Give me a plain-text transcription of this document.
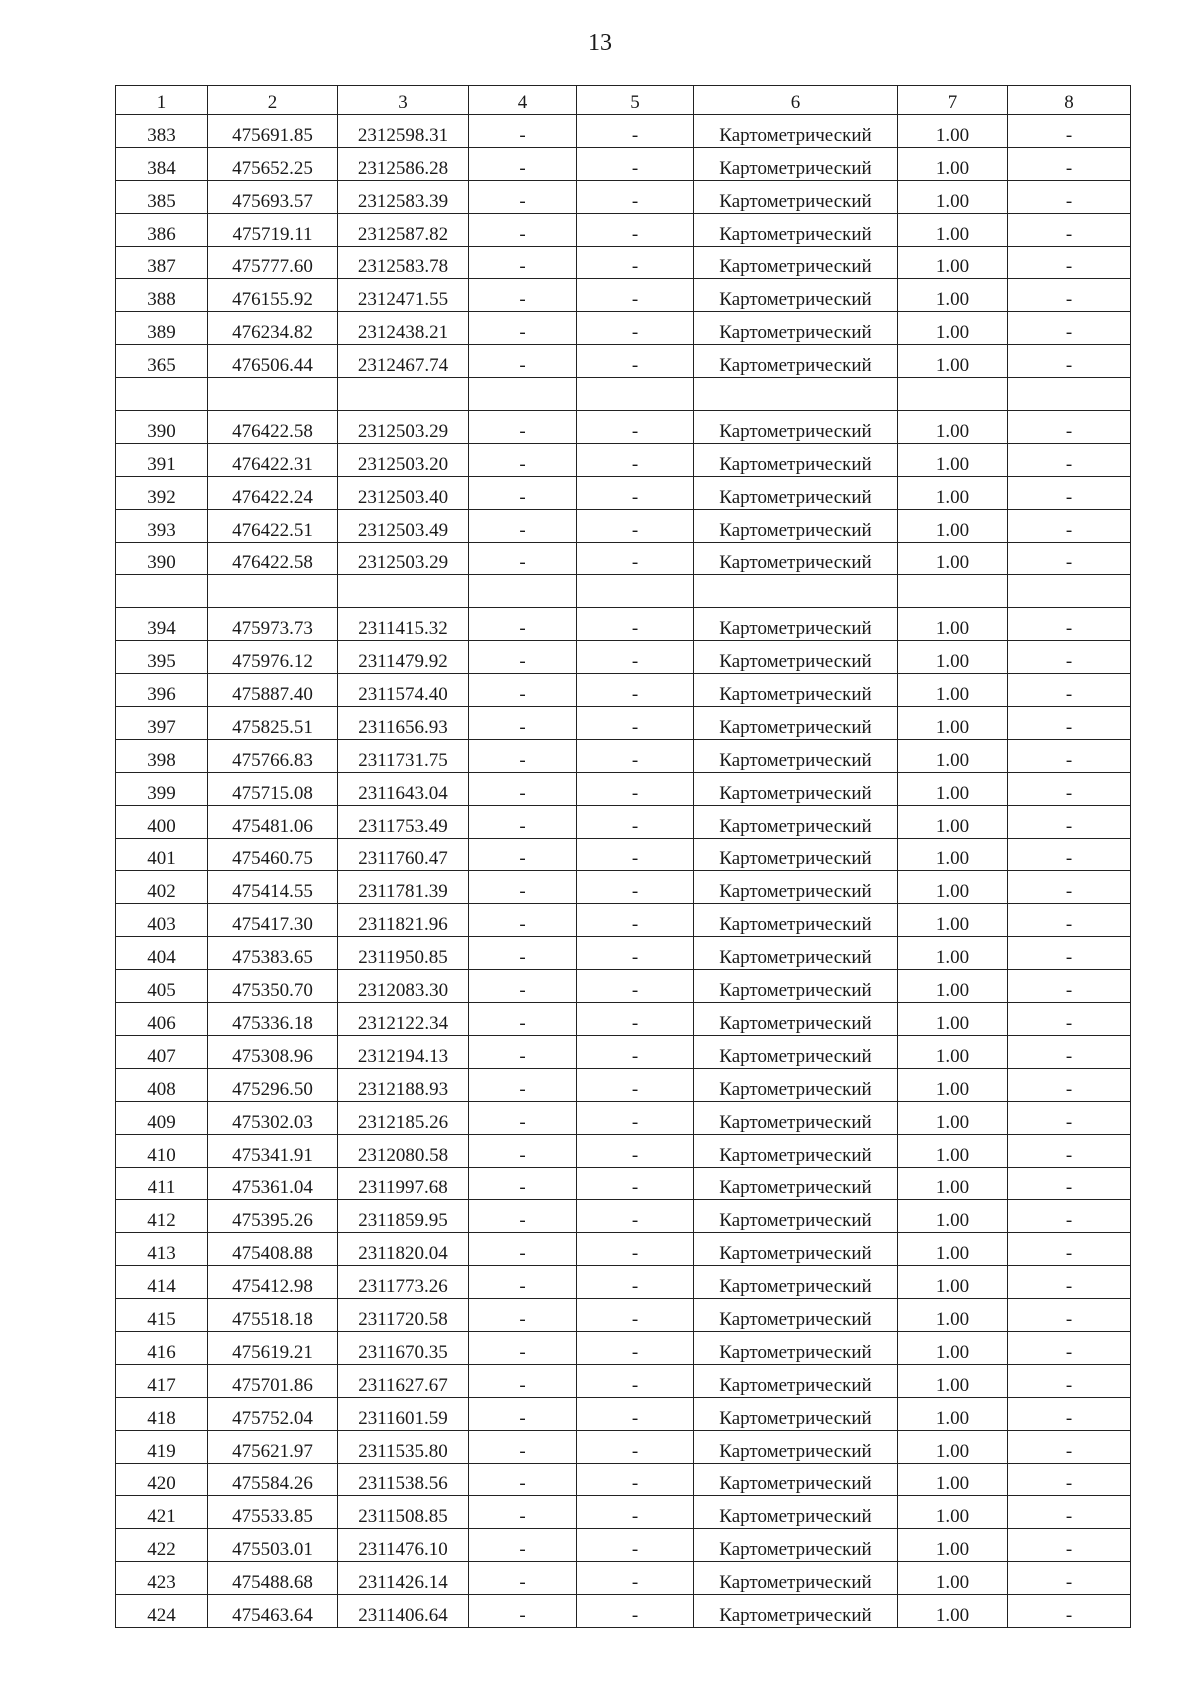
13
1	2	3	4	5	6	7	8
383	475691.85	2312598.31	-	-	Картометрический	1.00	-
384	475652.25	2312586.28	-	-	Картометрический	1.00	-
385	475693.57	2312583.39	-	-	Картометрический	1.00	-
386	475719.11	2312587.82	-	-	Картометрический	1.00	-
387	475777.60	2312583.78	-	-	Картометрический	1.00	-
388	476155.92	2312471.55	-	-	Картометрический	1.00	-
389	476234.82	2312438.21	-	-	Картометрический	1.00	-
365	476506.44	2312467.74	-	-	Картометрический	1.00	-

390	476422.58	2312503.29	-	-	Картометрический	1.00	-
391	476422.31	2312503.20	-	-	Картометрический	1.00	-
392	476422.24	2312503.40	-	-	Картометрический	1.00	-
393	476422.51	2312503.49	-	-	Картометрический	1.00	-
390	476422.58	2312503.29	-	-	Картометрический	1.00	-

394	475973.73	2311415.32	-	-	Картометрический	1.00	-
395	475976.12	2311479.92	-	-	Картометрический	1.00	-
396	475887.40	2311574.40	-	-	Картометрический	1.00	-
397	475825.51	2311656.93	-	-	Картометрический	1.00	-
398	475766.83	2311731.75	-	-	Картометрический	1.00	-
399	475715.08	2311643.04	-	-	Картометрический	1.00	-
400	475481.06	2311753.49	-	-	Картометрический	1.00	-
401	475460.75	2311760.47	-	-	Картометрический	1.00	-
402	475414.55	2311781.39	-	-	Картометрический	1.00	-
403	475417.30	2311821.96	-	-	Картометрический	1.00	-
404	475383.65	2311950.85	-	-	Картометрический	1.00	-
405	475350.70	2312083.30	-	-	Картометрический	1.00	-
406	475336.18	2312122.34	-	-	Картометрический	1.00	-
407	475308.96	2312194.13	-	-	Картометрический	1.00	-
408	475296.50	2312188.93	-	-	Картометрический	1.00	-
409	475302.03	2312185.26	-	-	Картометрический	1.00	-
410	475341.91	2312080.58	-	-	Картометрический	1.00	-
411	475361.04	2311997.68	-	-	Картометрический	1.00	-
412	475395.26	2311859.95	-	-	Картометрический	1.00	-
413	475408.88	2311820.04	-	-	Картометрический	1.00	-
414	475412.98	2311773.26	-	-	Картометрический	1.00	-
415	475518.18	2311720.58	-	-	Картометрический	1.00	-
416	475619.21	2311670.35	-	-	Картометрический	1.00	-
417	475701.86	2311627.67	-	-	Картометрический	1.00	-
418	475752.04	2311601.59	-	-	Картометрический	1.00	-
419	475621.97	2311535.80	-	-	Картометрический	1.00	-
420	475584.26	2311538.56	-	-	Картометрический	1.00	-
421	475533.85	2311508.85	-	-	Картометрический	1.00	-
422	475503.01	2311476.10	-	-	Картометрический	1.00	-
423	475488.68	2311426.14	-	-	Картометрический	1.00	-
424	475463.64	2311406.64	-	-	Картометрический	1.00	-
